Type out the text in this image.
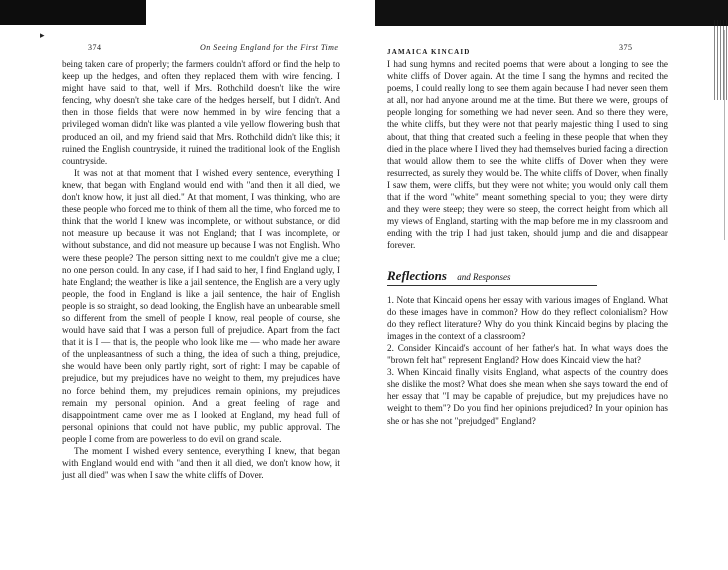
▸
374	On Seeing England for the First Time

being taken care of properly; the farmers couldn't afford or find the help to keep up the hedges, and often they replaced them with wire fencing. I might have said to that, well if Mrs. Rothchild doesn't like the wire fencing, why doesn't she take care of the hedges herself, but I didn't. And then in those fields that were now hemmed in by wire fencing that a privileged woman didn't like was planted a vile yellow flowering bush that produced an oil, and my friend said that Mrs. Rothchild didn't like this; it ruined the English countryside, it ruined the traditional look of the English countryside.

It was not at that moment that I wished every sentence, everything I knew, that began with England would end with "and then it all died, we don't know how, it just all died." At that moment, I was thinking, who are these people who forced me to think of them all the time, who forced me to think that the world I knew was incomplete, or without substance, or did not measure up because it was not England; that I was incomplete, or without substance, and did not measure up because I was not English. Who were these people? The person sitting next to me couldn't give me a clue; no one person could. In any case, if I had said to her, I find England ugly, I hate England; the weather is like a jail sentence, the English are a very ugly people, the food in England is like a jail sentence, the hair of English people is so straight, so dead looking, the English have an unbearable smell so different from the smell of people I know, real people of course, she would have said that I was a person full of prejudice. Apart from the fact that it is I — that is, the people who look like me — who made her aware of the unpleasantness of such a thing, the idea of such a thing, prejudice, she would have been only partly right, sort of right: I may be capable of prejudice, but my prejudices have no weight to them, my prejudices have no force behind them, my prejudices remain opinions, my prejudices remain my personal opinion. And a great feeling of rage and disappointment came over me as I looked at England, my head full of personal opinions that could not have public, my public approval. The people I come from are powerless to do evil on grand scale.

The moment I wished every sentence, everything I knew, that began with England would end with "and then it all died, we don't know how, it just all died" was when I saw the white cliffs of Dover.

JAMAICA KINCAID	375

I had sung hymns and recited poems that were about a longing to see the white cliffs of Dover again. At the time I sang the hymns and recited the poems, I could really long to see them again because I had never seen them at all, nor had anyone around me at the time. But there we were, groups of people longing for something we had never seen. And so there they were, the white cliffs, but they were not that pearly majestic thing I used to sing about, that thing that created such a feeling in these people that when they died in the place where I lived they had themselves buried facing a direction that would allow them to see the white cliffs of Dover when they were resurrected, as surely they would be. The white cliffs of Dover, when finally I saw them, were cliffs, but they were not white; you would only call them that if the word "white" meant something special to you; they were dirty and they were steep; they were so steep, the correct height from which all my views of England, starting with the map before me in my classroom and ending with the trip I had just taken, should jump and die and disappear forever.

Reflections and Responses

1. Note that Kincaid opens her essay with various images of England. What do these images have in common? How do they reflect colonialism? How do they reflect literature? Why do you think Kincaid begins by placing the images in the context of a classroom?

2. Consider Kincaid's account of her father's hat. In what ways does the "brown felt hat" represent England? How does Kincaid view the hat?

3. When Kincaid finally visits England, what aspects of the country does she dislike the most? What does she mean when she says toward the end of her essay that "I may be capable of prejudice, but my prejudices have no weight to them"? Do you find her opinions prejudiced? In your opinion has she or has she not "prejudged" England?
